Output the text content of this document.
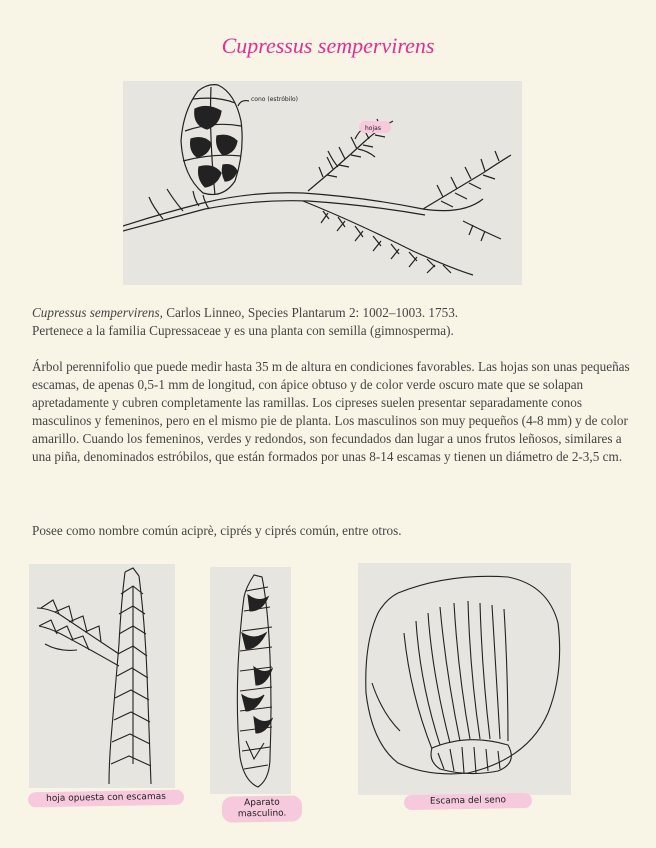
Cupressus sempervirens
cono (estróbilo)
hojas

Cupressus sempervirens, Carlos Linneo, Species Plantarum 2: 1002–1003. 1753.

Pertenece a la familia Cupressaceae y es una planta con semilla (gimnosperma).

Árbol perennifolio que puede medir hasta 35 m de altura en condiciones favorables. Las hojas son unas pequeñas escamas, de apenas 0,5-1 mm de longitud, con ápice obtuso y de color verde oscuro mate que se solapan apretadamente y cubren completamente las ramillas. Los cipreses suelen presentar separadamente conos masculinos y femeninos, pero en el mismo pie de planta. Los masculinos son muy pequeños (4-8 mm) y de color amarillo. Cuando los femeninos, verdes y redondos, son fecundados dan lugar a unos frutos leñosos, similares a una piña, denominados estróbilos, que están formados por unas 8-14 escamas y tienen un diámetro de 2-3,5 cm.
Posee como nombre común aciprè, ciprés y ciprés común, entre otros.
hoja opuesta con escamas	Aparato masculino.
Escama del seno
